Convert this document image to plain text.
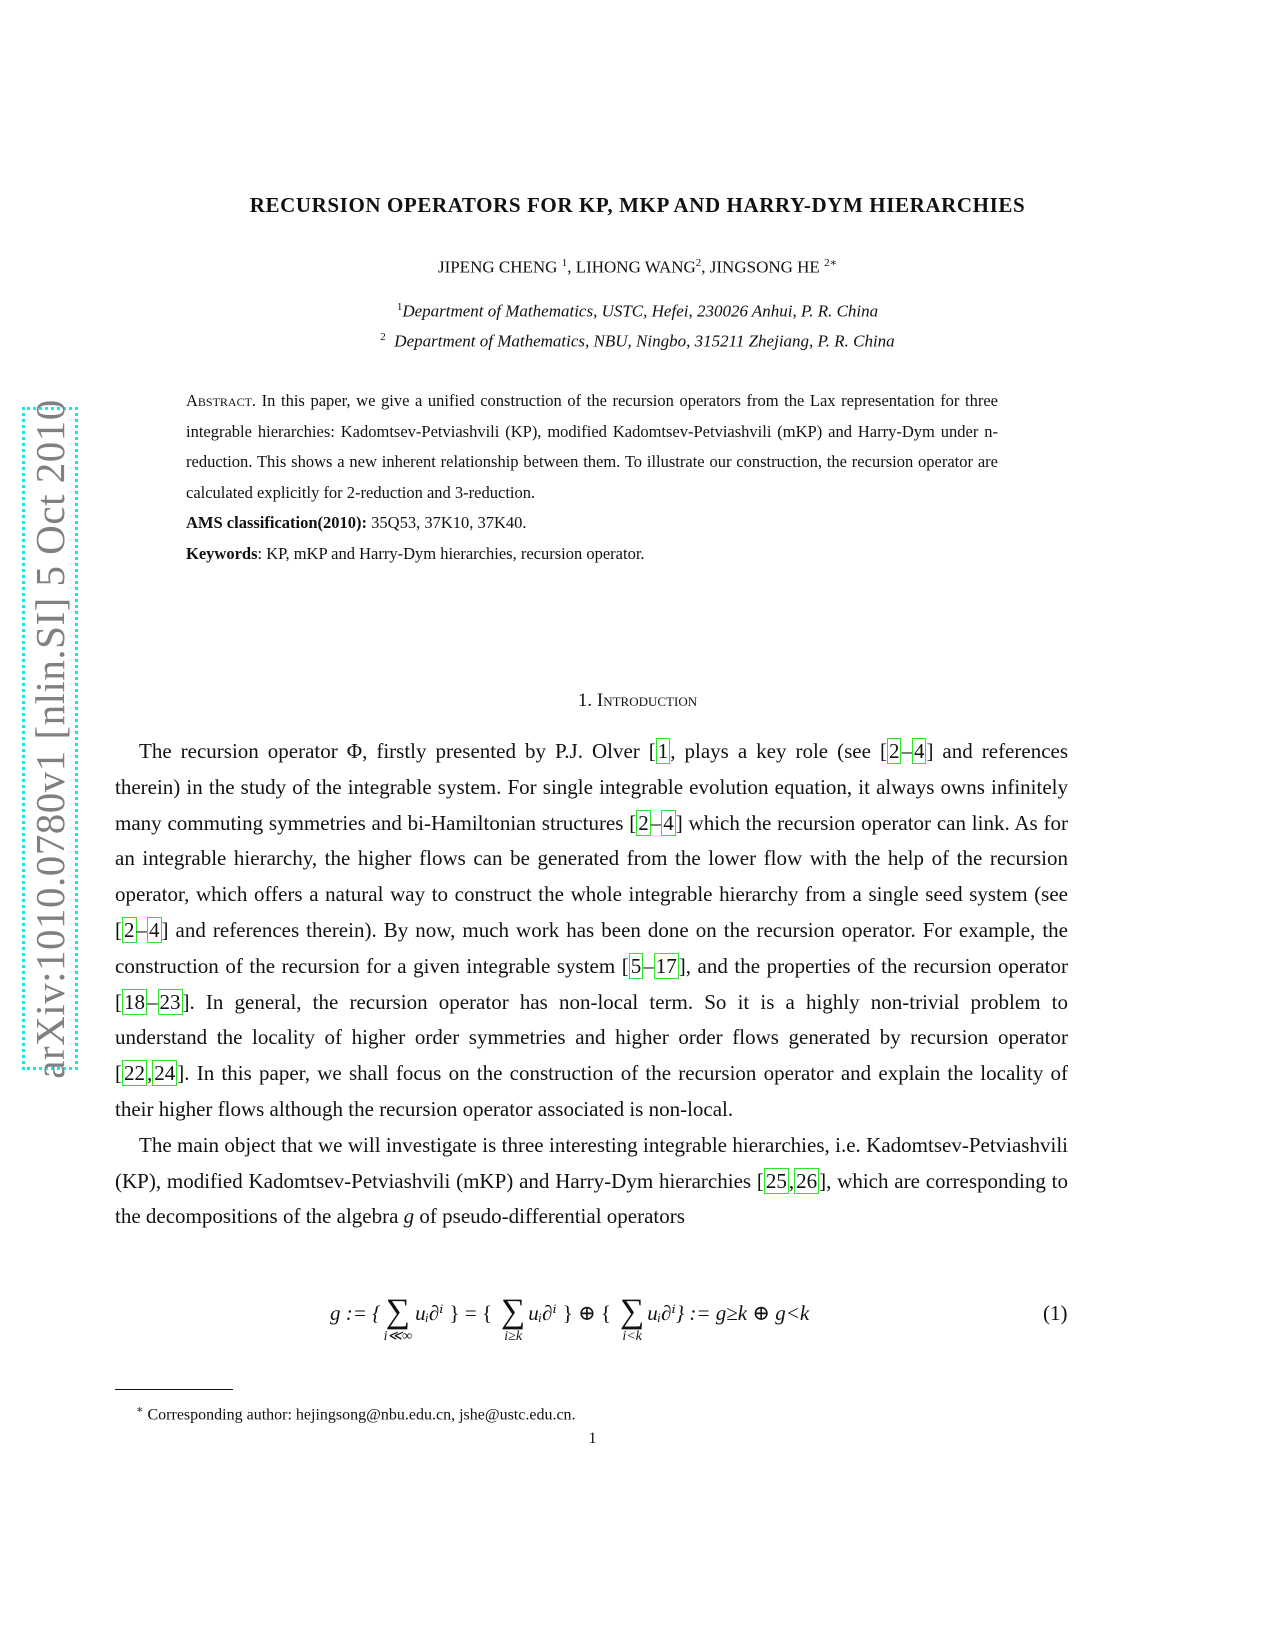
arXiv:1010.0780v1 [nlin.SI] 5 Oct 2010
RECURSION OPERATORS FOR KP, MKP AND HARRY-DYM HIERARCHIES
JIPENG CHENG $^1$, LIHONG WANG$^2$, JINGSONG HE $^{2∗}$
$^1$Department of Mathematics, USTC, Hefei, 230026 Anhui, P. R. China
$^2$ Department of Mathematics, NBU, Ningbo, 315211 Zhejiang, P. R. China

Abstract. In this paper, we give a unified construction of the recursion operators from the Lax representation for three integrable hierarchies: Kadomtsev-Petviashvili (KP), modified Kadomtsev-Petviashvili (mKP) and Harry-Dym under n-reduction. This shows a new inherent relationship between them. To illustrate our construction, the recursion operator are calculated explicitly for 2-reduction and 3-reduction.

AMS classification(2010): 35Q53, 37K10, 37K40.

Keywords: KP, mKP and Harry-Dym hierarchies, recursion operator.

1. Introduction

The recursion operator Φ, firstly presented by P.J. Olver [1, plays a key role (see [2–4] and references therein) in the study of the integrable system. For single integrable evolution equation, it always owns infinitely many commuting symmetries and bi-Hamiltonian structures [2–4] which the recursion operator can link. As for an integrable hierarchy, the higher flows can be generated from the lower flow with the help of the recursion operator, which offers a natural way to construct the whole integrable hierarchy from a single seed system (see [2–4] and references therein). By now, much work has been done on the recursion operator. For example, the construction of the recursion for a given integrable system [5–17], and the properties of the recursion operator [18–23]. In general, the recursion operator has non-local term. So it is a highly non-trivial problem to understand the locality of higher order symmetries and higher order flows generated by recursion operator [22,24]. In this paper, we shall focus on the construction of the recursion operator and explain the locality of their higher flows although the recursion operator associated is non-local.

The main object that we will investigate is three interesting integrable hierarchies, i.e. Kadomtsev-Petviashvili (KP), modified Kadomtsev-Petviashvili (mKP) and Harry-Dym hierarchies [25,26], which are corresponding to the decompositions of the algebra g of pseudo-differential operators

g := { ∑
i≪∞
uᵢ∂ⁱ } = { ∑
i≥k
uᵢ∂ⁱ } ⊕ { ∑
i<k
uᵢ∂ⁱ } := g≥k ⊕ g<k	(1)
∗ Corresponding author: hejingsong@nbu.edu.cn, jshe@ustc.edu.cn.
1
